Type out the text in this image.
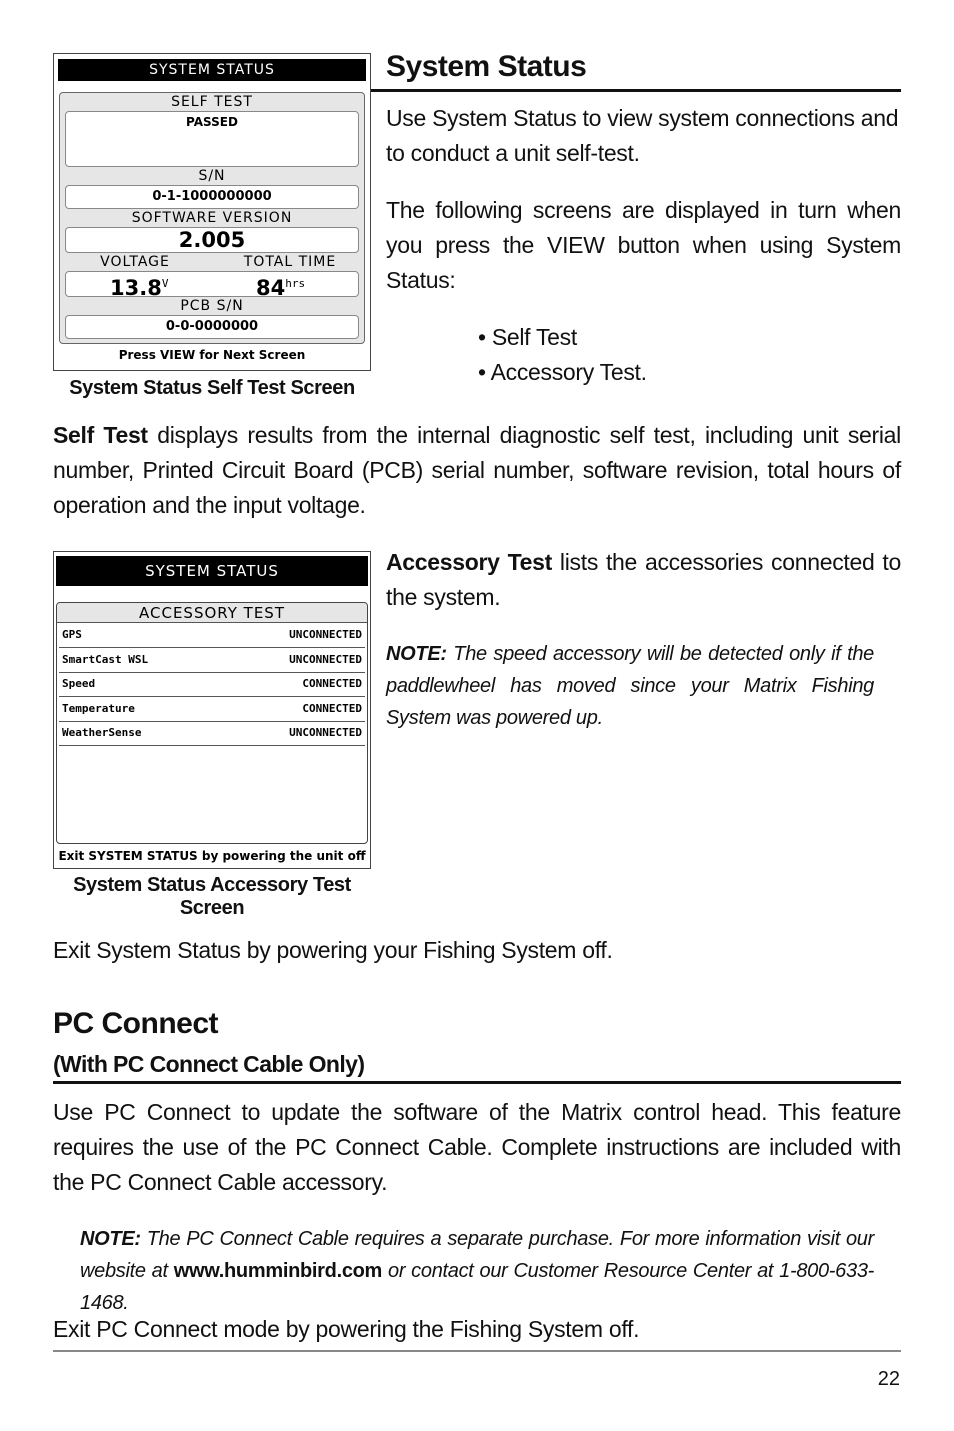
SYSTEM STATUS
SELF TEST
PASSED
S/N
0-1-1000000000
SOFTWARE VERSION
2.005
VOLTAGE	TOTAL TIME
$13.8^V$	$84^{hrs}$
PCB S/N
0-0-0000000
Press VIEW for Next Screen
System Status Self Test Screen
System Status
Use System Status to view system connections and to conduct a unit self-test.
The following screens are displayed in turn when you press the VIEW button when using System Status:
• Self Test
• Accessory Test.
Self Test displays results from the internal diagnostic self test, including unit serial number, Printed Circuit Board (PCB) serial number, software revision, total hours of operation and the input voltage.
SYSTEM STATUS
ACCESSORY TEST
GPS	UNCONNECTED
SmartCast WSL	UNCONNECTED
Speed	CONNECTED
Temperature	CONNECTED
WeatherSense	UNCONNECTED
Exit SYSTEM STATUS by powering the unit off
System Status Accessory Test Screen
Accessory Test lists the accessories connected to the system.
NOTE: The speed accessory will be detected only if the paddlewheel has moved since your Matrix Fishing System was powered up.
Exit System Status by powering your Fishing System off.
PC Connect
(With PC Connect Cable Only)
Use PC Connect to update the software of the Matrix control head. This feature requires the use of the PC Connect Cable. Complete instructions are included with the PC Connect Cable accessory.
NOTE: The PC Connect Cable requires a separate purchase. For more information visit our website at www.humminbird.com or contact our Customer Resource Center at 1-800-633-1468.
Exit PC Connect mode by powering the Fishing System off.
22
